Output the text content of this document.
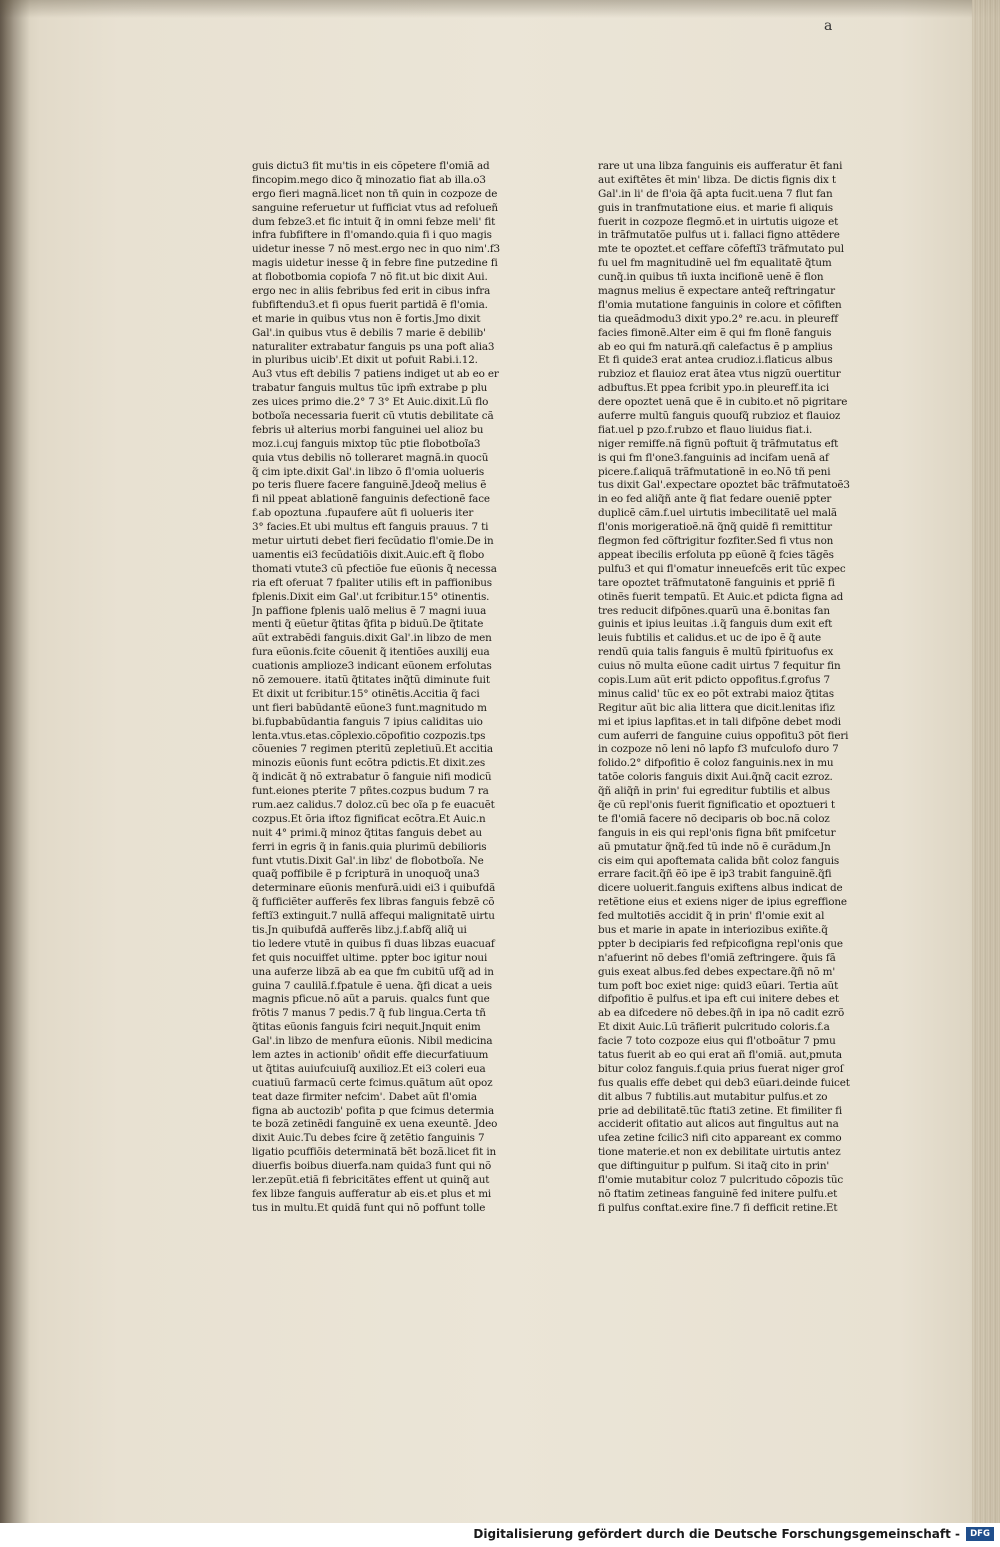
a
guis dictu3 fit mu'tis in eis cõpetere fl'omiã ad
fincopim.mego dico q̃ minozatio fiat ab illa.o3
ergo fieri magnã.licet non tñ quin in cozpoze de
sanguine referuetur ut fufficiat vtus ad refolueñ
dum febze3.et fic intuit q̃ in omni febze meli' fit
infra fubfiftere in fl'omando.quia fi i quo magis
uidetur inesse 7 nõ mest.ergo nec in quo nim'.f3
magis uidetur inesse q̃ in febre fine putzedine fi
at flobotbomia copiofa 7 nõ fit.ut bic dixit Aui.
ergo nec in aliis febribus fed erit in cibus infra
fubfiftendu3.et fi opus fuerit partidã ẽ fl'omia.
et marie in quibus vtus non ẽ fortis.Jmo dixit
Gal'.in quibus vtus ẽ debilis 7 marie ẽ debilib'
naturaliter extrabatur fanguis ps una poft alia3
in pluribus uicib'.Et dixit ut pofuit Rabi.i.12.
Au3 vtus eft debilis 7 patiens indiget ut ab eo er
trabatur fanguis multus tũc ipm̃ extrabe p plu
zes uices primo die.2° 7 3° Et Auic.dixit.Lũ flo
botboĩa necessaria fuerit cũ vtutis debilitate cã
febris uł alterius morbi fanguinei uel alioz bu
moz.i.cuj fanguis mixtop tũc ptie flobotboĩa3
quia vtus debilis nõ tolleraret magnã.in quocũ
q̃ cim ipte.dixit Gal'.in libzo õ fl'omia uolueris
po teris fluere facere fanguinẽ.Jdeoq̃ melius ẽ
fi nil ppeat ablationẽ fanguinis defectionẽ face
f.ab opoztuna .fupaufere aũt fi uolueris iter
3° facies.Et ubi multus eft fanguis prauus. 7 ti
metur uirtuti debet fieri fecũdatio fl'omie.De in
uamentis ei3 fecũdatiõis dixit.Auic.eft q̃ flobo
thomati vtute3 cũ pfectiõe fue eũonis q̃ necessa
ria eft oferuat 7 fpaliter utilis eft in paffionibus
fplenis.Dixit eim Gal'.ut fcribitur.15° otinentis.
Jn paffione fplenis ualõ melius ẽ 7 magni iuua
menti q̃ eũetur q̃titas q̃fita p biduũ.De q̃titate
aũt extrabẽdi fanguis.dixit Gal'.in libzo de men
fura eũonis.fcite cõuenit q̃ itentiões auxilij eua
cuationis amplioze3 indicant eũonem erfolutas
nõ zemouere. itatũ q̃titates inq̃tũ diminute fuit
Et dixit ut fcribitur.15° otinẽtis.Accitia q̃ faci
unt fieri babũdantẽ eũone3 funt.magnitudo m
bi.fupbabũdantia fanguis 7 ipius caliditas uio
lenta.vtus.etas.cõplexio.cõpofitio cozpozis.tps
cõuenies 7 regimen pteritũ zepletiuũ.Et accitia
minozis eũonis funt ecõtra pdictis.Et dixit.zes
q̃ indicãt q̃ nõ extrabatur õ fanguie nifi modicũ
funt.eiones pterite 7 pñtes.cozpus budum 7 ra
rum.aez calidus.7 doloz.cũ bec oĩa p fe euacuẽt
cozpus.Et õria iftoz fignificat ecõtra.Et Auic.n
nuit 4° primi.q̃ minoz q̃titas fanguis debet au
ferri in egris q̃ in fanis.quia plurimũ debilioris
funt vtutis.Dixit Gal'.in libz' de flobotboĩa. Ne
quaq̃ poffibile ẽ p fcripturã in unoquoq̃ una3
determinare eũonis menfurã.uidi ei3 i quibufdã
q̃ fufficiẽter aufferẽs fex libras fanguis febzẽ cõ
feftĩ3 extinguit.7 nullã affequi malignitatẽ uirtu
tis.Jn quibufdã aufferẽs libz.j.f.abfq̃ aliq̃ ui
tio ledere vtutẽ in quibus fi duas libzas euacuaf
fet quis nocuiffet ultime. ppter boc igitur noui
una auferze libzã ab ea que fm cubitũ ufq̃ ad in
guina 7 caulilã.f.fpatule ẽ uena. q̃fi dicat a ueis
magnis pficue.nõ aũt a paruis. qualcs funt que
frõtis 7 manus 7 pedis.7 q̃ fub lingua.Certa tñ
q̃titas eũonis fanguis fciri nequit.Jnquit enim
Gal'.in libzo de menfura eũonis. Nibil medicina
lem aztes in actionib' oñdit effe diecurfatiuum
ut q̃titas auiufcuiuſq̃ auxilioz.Et ei3 coleri eua
cuatiuũ farmacũ certe fcimus.quãtum aũt opoz
teat daze firmiter nefcim'. Dabet aũt fl'omia
figna ab auctozib' pofita p que fcimus determia
te bozã zetinẽdi fanguinẽ ex uena exeuntẽ. Jdeo
dixit Auic.Tu debes fcire q̃ zetẽtio fanguinis 7
ligatio pcuffiõis determinatã bẽt bozã.licet fit in
diuerfis boibus diuerfa.nam quida3 funt qui nõ
ler.zepũt.etiã fi febricitãtes effent ut quinq̃ aut
fex libze fanguis aufferatur ab eis.et plus et mi
tus in multu.Et quidã funt qui nõ poffunt tolle
rare ut una libza fanguinis eis aufferatur ẽt fani
aut exiftẽtes ẽt min' libza. De dictis fignis dix t
Gal'.in li' de fl'oia q̃ã apta fucit.uena 7 flut fan
guis in tranfmutatione eius. et marie fi aliquis
fuerit in cozpoze flegmõ.et in uirtutis uigoze et
in trãfmutatõe pulfus ut i. fallaci figno attẽdere
mte te opoztet.et ceffare cõfeftĩ3 trãfmutato pul
fu uel fm magnitudinẽ uel fm equalitatẽ q̃tum
cunq̃.in quibus tñ iuxta incifionẽ uenẽ ẽ flon
magnus melius ẽ expectare anteq̃ reftringatur
fl'omia mutatione fanguinis in colore et cõfiften
tia queãdmodu3 dixit ypo.2° re.acu. in pleureff
facies fimonẽ.Alter eim ẽ qui fm flonẽ fanguis
ab eo qui fm naturã.qñ calefactus ẽ p amplius
Et fi quide3 erat antea crudioz.i.flaticus albus
rubzioz et flauioz erat ãtea vtus nigzũ ouertitur
adbuftus.Et ppea fcribit ypo.in pleureff.ita ici
dere opoztet uenã que ẽ in cubito.et nõ pigritare
auferre multũ fanguis quoufq̃ rubzioz et flauioz
fiat.uel p pzo.f.rubzo et flauo liuidus fiat.i.
niger remiffe.nã fignũ poftuit q̃ trãfmutatus eft
is qui fm fl'one3.fanguinis ad incifam uenã af
picere.f.aliquã trãfmutationẽ in eo.Nõ tñ peni
tus dixit Gal'.expectare opoztet bãc trãfmutatoẽ3
in eo fed aliq̃ñ ante q̃ fiat fedare oueniẽ ppter
duplicẽ cãm.f.uel uirtutis imbecilitatẽ uel malã
fl'onis morigeratioẽ.nã q̃nq̃ quidẽ fi remittitur
flegmon fed cõftrigitur fozfiter.Sed fi vtus non
appeat ibecilis erfoluta pp eũonẽ q̃ fcies tãgẽs
pulfu3 et qui fl'omatur inneuefcẽs erit tũc expec
tare opoztet trãfmutatonẽ fanguinis et ppriẽ fi
otinẽs fuerit tempatũ. Et Auic.et pdicta figna ad
tres reducit difpõnes.quarũ una ẽ.bonitas fan
guinis et ipius leuitas .i.q̃ fanguis dum exit eft
leuis fubtilis et calidus.et uc de ipo ẽ q̃ aute
rendũ quia talis fanguis ẽ multũ fpirituofus ex
cuius nõ multa eũone cadit uirtus 7 fequitur fin
copis.Lum aũt erit pdicto oppofitus.f.grofus 7
minus calid' tũc ex eo põt extrabi maioz q̃titas
Regitur aũt bic alia littera que dicit.lenitas ifiz
mi et ipius lapfitas.et in tali difpõne debet modi
cum auferri de fanguine cuius oppofitu3 põt fieri
in cozpoze nõ leni nõ lapfo f3 mufculofo duro 7
folido.2° difpofitio ẽ coloz fanguinis.nex in mu
tatõe coloris fanguis dixit Aui.q̃nq̃ cacit ezroz.
q̃ñ aliq̃ñ in prin' fui egreditur fubtilis et albus
q̃e cũ repl'onis fuerit fignificatio et opoztueri t
te fl'omiã facere nõ deciparis ob boc.nã coloz
fanguis in eis qui repl'onis figna bñt pmifcetur
aũ pmutatur q̃nq̃.fed tũ inde nõ ẽ curãdum.Jn
cis eim qui apoftemata calida bñt coloz fanguis
errare facit.q̃ñ ẽõ ipe ẽ ip3 trabit fanguinẽ.q̃fi
dicere uoluerit.fanguis exiftens albus indicat de
retẽtione eius et exiens niger de ipius egreffione
fed multotiẽs accidit q̃ in prin' fl'omie exit al
bus et marie in apate in interiozibus exiñte.q̃
ppter b decipiaris fed refpicofigna repl'onis que
n'afuerint nõ debes fl'omiã zeftringere. q̃uis fã
guis exeat albus.fed debes expectare.q̃ñ nõ m'
tum poft boc exiet nige: quid3 eũari. Tertia aũt
difpofitio ẽ pulfus.et ipa eft cui initere debes et
ab ea difcedere nõ debes.q̃ñ in ipa nõ cadit ezrõ
Et dixit Auic.Lũ trãfierit pulcritudo coloris.f.a
facie 7 toto cozpoze eius qui fl'otboãtur 7 pmu
tatus fuerit ab eo qui erat añ fl'omiã. aut,pmuta
bitur coloz fanguis.f.quia prius fuerat niger groſ
fus qualis effe debet qui deb3 eũari.deinde fuicet
dit albus 7 fubtilis.aut mutabitur pulfus.et zo
prie ad debilitatẽ.tũc ftati3 zetine. Et fimiliter fi
acciderit ofitatio aut alicos aut fingultus aut na
ufea zetine fcilic3 nifi cito appareant ex commo
tione materie.et non ex debilitate uirtutis antez
que diftinguitur p pulfum. Si itaq̃ cito in prin'
fl'omie mutabitur coloz 7 pulcritudo cõpozis tũc
nõ ftatim zetineas fanguinẽ fed initere pulfu.et
fi pulfus conftat.exire fine.7 fi defficit retine.Et
Digitalisierung gefördert durch die Deutsche Forschungsgemeinschaft -	DFG
